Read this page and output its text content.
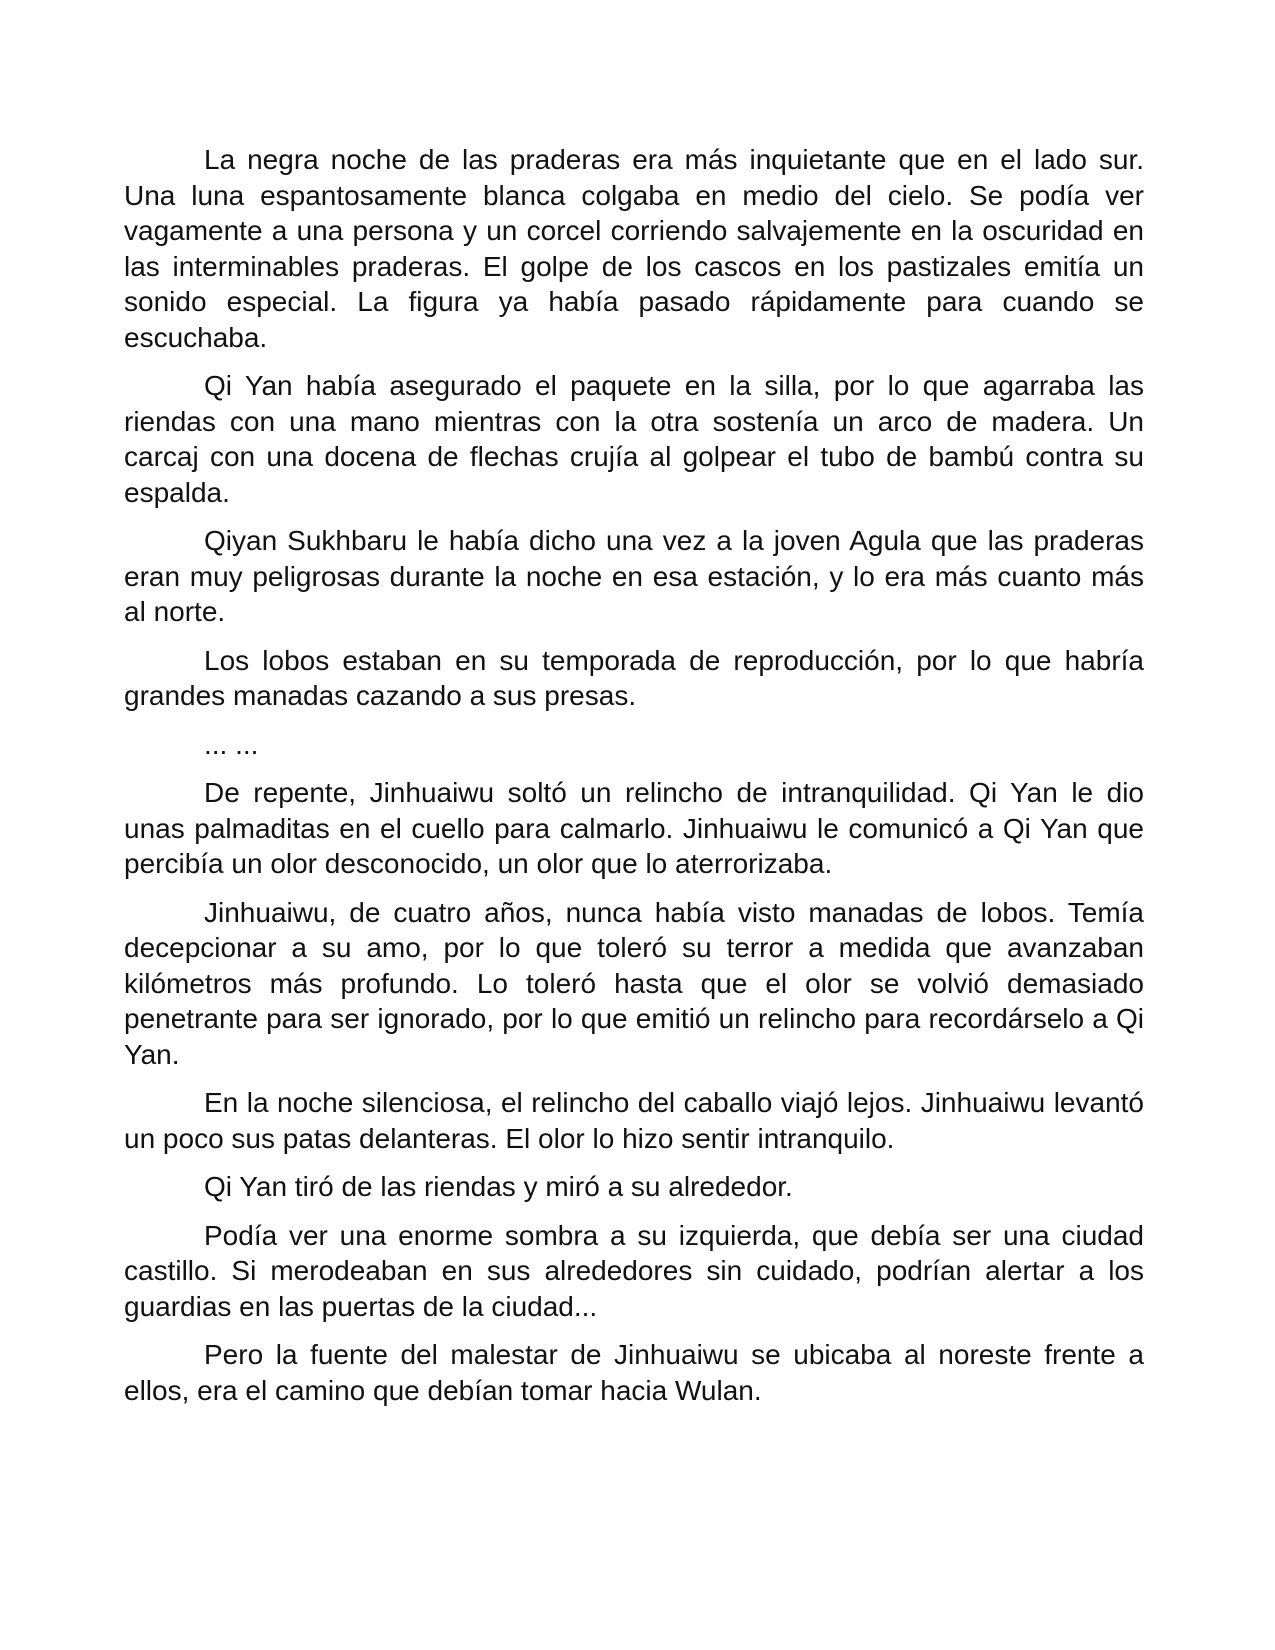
La negra noche de las praderas era más inquietante que en el lado sur. Una luna espantosamente blanca colgaba en medio del cielo. Se podía ver vagamente a una persona y un corcel corriendo salvajemente en la oscuridad en las interminables praderas. El golpe de los cascos en los pastizales emitía un sonido especial. La figura ya había pasado rápidamente para cuando se escuchaba.

Qi Yan había asegurado el paquete en la silla, por lo que agarraba las riendas con una mano mientras con la otra sostenía un arco de madera. Un carcaj con una docena de flechas crujía al golpear el tubo de bambú contra su espalda.

Qiyan Sukhbaru le había dicho una vez a la joven Agula que las praderas eran muy peligrosas durante la noche en esa estación, y lo era más cuanto más al norte.

Los lobos estaban en su temporada de reproducción, por lo que habría grandes manadas cazando a sus presas.

... ...

De repente, Jinhuaiwu soltó un relincho de intranquilidad. Qi Yan le dio unas palmaditas en el cuello para calmarlo. Jinhuaiwu le comunicó a Qi Yan que percibía un olor desconocido, un olor que lo aterrorizaba.

Jinhuaiwu, de cuatro años, nunca había visto manadas de lobos. Temía decepcionar a su amo, por lo que toleró su terror a medida que avanzaban kilómetros más profundo. Lo toleró hasta que el olor se volvió demasiado penetrante para ser ignorado, por lo que emitió un relincho para recordárselo a Qi Yan.

En la noche silenciosa, el relincho del caballo viajó lejos. Jinhuaiwu levantó un poco sus patas delanteras. El olor lo hizo sentir intranquilo.

Qi Yan tiró de las riendas y miró a su alrededor.

Podía ver una enorme sombra a su izquierda, que debía ser una ciudad castillo. Si merodeaban en sus alrededores sin cuidado, podrían alertar a los guardias en las puertas de la ciudad...

Pero la fuente del malestar de Jinhuaiwu se ubicaba al noreste frente a ellos, era el camino que debían tomar hacia Wulan.
